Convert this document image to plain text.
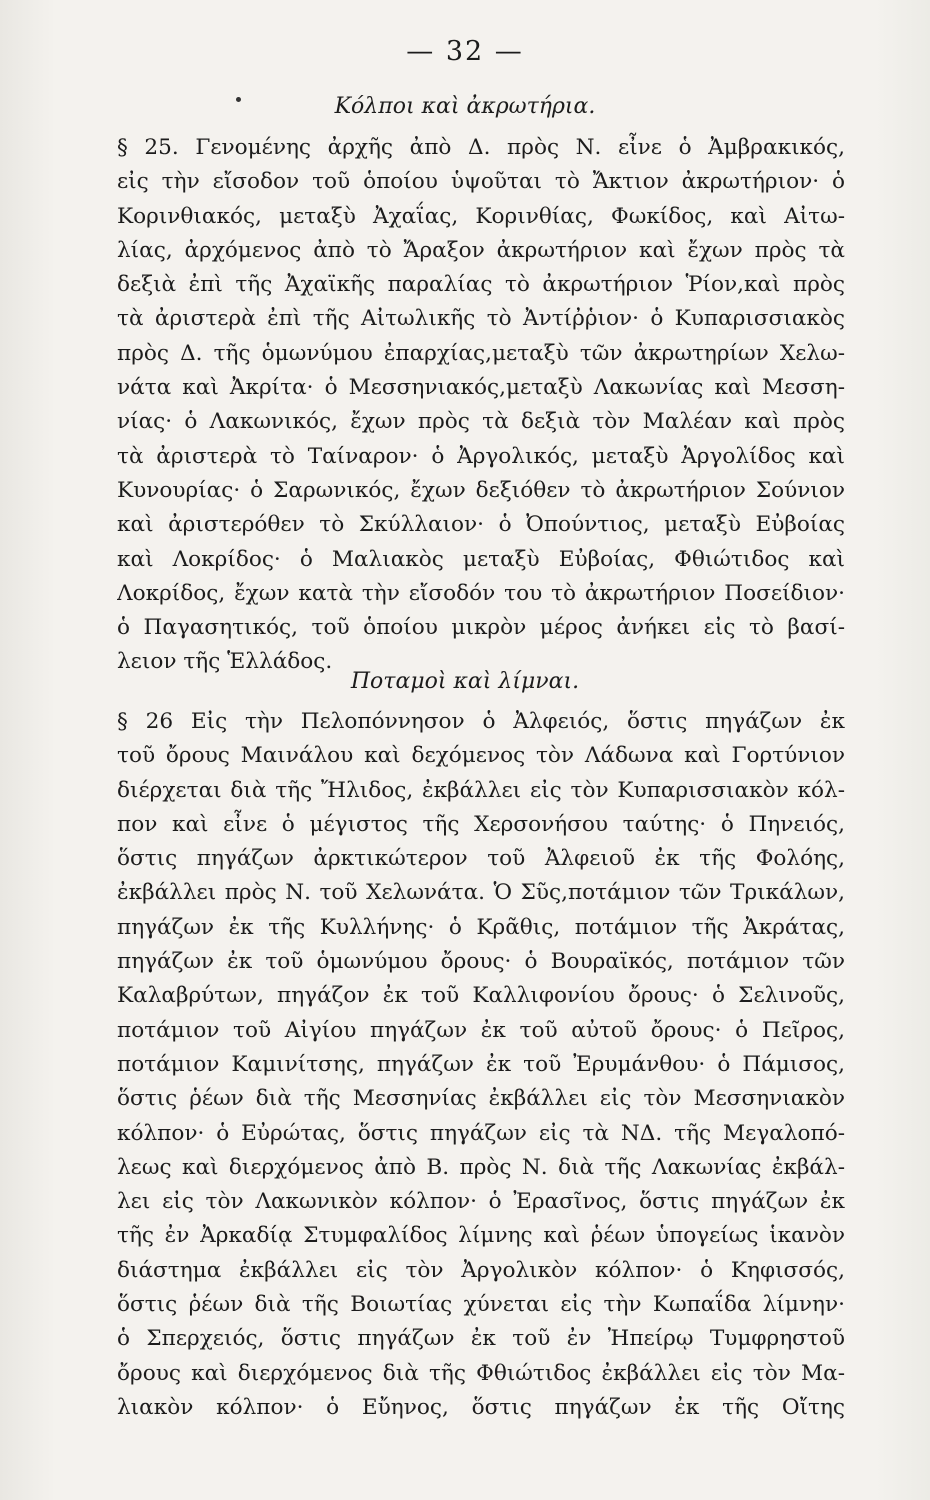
— 32 —
Κόλποι καὶ ἀκρωτήρια.
§ 25. Γενομένης ἀρχῆς ἀπὸ Δ. πρὸς Ν. εἶνε ὁ Ἀμβρακικός,
εἰς τὴν εἴσοδον τοῦ ὁποίου ὑψοῦται τὸ Ἄκτιον ἀκρωτήριον· ὁ
Κορινθιακός, μεταξὺ Ἀχαΐας, Κορινθίας, Φωκίδος, καὶ Αἰτω-
λίας, ἀρχόμενος ἀπὸ τὸ Ἄραξον ἀκρωτήριον καὶ ἔχων πρὸς τὰ
δεξιὰ ἐπὶ τῆς Ἀχαϊκῆς παραλίας τὸ ἀκρωτήριον Ῥίον,καὶ πρὸς
τὰ ἀριστερὰ ἐπὶ τῆς Αἰτωλικῆς τὸ Ἀντίῤῥιον· ὁ Κυπαρισσιακὸς
πρὸς Δ. τῆς ὁμωνύμου ἐπαρχίας,μεταξὺ τῶν ἀκρωτηρίων Χελω-
νάτα καὶ Ἀκρίτα· ὁ Μεσσηνιακός,μεταξὺ Λακωνίας καὶ Μεσση-
νίας· ὁ Λακωνικός, ἔχων πρὸς τὰ δεξιὰ τὸν Μαλέαν καὶ πρὸς
τὰ ἀριστερὰ τὸ Ταίναρον· ὁ Ἀργολικός, μεταξὺ Ἀργολίδος καὶ
Κυνουρίας· ὁ Σαρωνικός, ἔχων δεξιόθεν τὸ ἀκρωτήριον Σούνιον
καὶ ἀριστερόθεν τὸ Σκύλλαιον· ὁ Ὀπούντιος, μεταξὺ Εὐβοίας
καὶ Λοκρίδος· ὁ Μαλιακὸς μεταξὺ Εὐβοίας, Φθιώτιδος καὶ
Λοκρίδος, ἔχων κατὰ τὴν εἴσοδόν του τὸ ἀκρωτήριον Ποσείδιον·
ὁ Παγασητικός, τοῦ ὁποίου μικρὸν μέρος ἀνήκει εἰς τὸ βασί-
λειον τῆς Ἑλλάδος.
Ποταμοὶ καὶ λίμναι.
§ 26 Εἰς τὴν Πελοπόννησον ὁ Ἀλφειός, ὅστις πηγάζων ἐκ
τοῦ ὄρους Μαινάλου καὶ δεχόμενος τὸν Λάδωνα καὶ Γορτύνιον
διέρχεται διὰ τῆς Ἤλιδος, ἐκβάλλει εἰς τὸν Κυπαρισσιακὸν κόλ-
πον καὶ εἶνε ὁ μέγιστος τῆς Χερσονήσου ταύτης· ὁ Πηνειός,
ὅστις πηγάζων ἀρκτικώτερον τοῦ Ἀλφειοῦ ἐκ τῆς Φολόης,
ἐκβάλλει πρὸς Ν. τοῦ Χελωνάτα. Ὁ Σῦς,ποτάμιον τῶν Τρικάλων,
πηγάζων ἐκ τῆς Κυλλήνης· ὁ Κρᾶθις, ποτάμιον τῆς Ἀκράτας,
πηγάζων ἐκ τοῦ ὁμωνύμου ὄρους· ὁ Βουραϊκός, ποτάμιον τῶν
Καλαβρύτων, πηγάζον ἐκ τοῦ Καλλιφονίου ὄρους· ὁ Σελινοῦς,
ποτάμιον τοῦ Αἰγίου πηγάζων ἐκ τοῦ αὐτοῦ ὄρους· ὁ Πεῖρος,
ποτάμιον Καμινίτσης, πηγάζων ἐκ τοῦ Ἐρυμάνθου· ὁ Πάμισος,
ὅστις ῥέων διὰ τῆς Μεσσηνίας ἐκβάλλει εἰς τὸν Μεσσηνιακὸν
κόλπον· ὁ Εὐρώτας, ὅστις πηγάζων εἰς τὰ ΝΔ. τῆς Μεγαλοπό-
λεως καὶ διερχόμενος ἀπὸ Β. πρὸς Ν. διὰ τῆς Λακωνίας ἐκβάλ-
λει εἰς τὸν Λακωνικὸν κόλπον· ὁ Ἐρασῖνος, ὅστις πηγάζων ἐκ
τῆς ἐν Ἀρκαδίᾳ Στυμφαλίδος λίμνης καὶ ῥέων ὑπογείως ἱκανὸν
διάστημα ἐκβάλλει εἰς τὸν Ἀργολικὸν κόλπον· ὁ Κηφισσός,
ὅστις ῥέων διὰ τῆς Βοιωτίας χύνεται εἰς τὴν Κωπαΐδα λίμνην·
ὁ Σπερχειός, ὅστις πηγάζων ἐκ τοῦ ἐν Ἠπείρῳ Τυμφρηστοῦ
ὄρους καὶ διερχόμενος διὰ τῆς Φθιώτιδος ἐκβάλλει εἰς τὸν Μα-
λιακὸν κόλπον· ὁ Εὔηνος, ὅστις πηγάζων ἐκ τῆς Οἴτης
